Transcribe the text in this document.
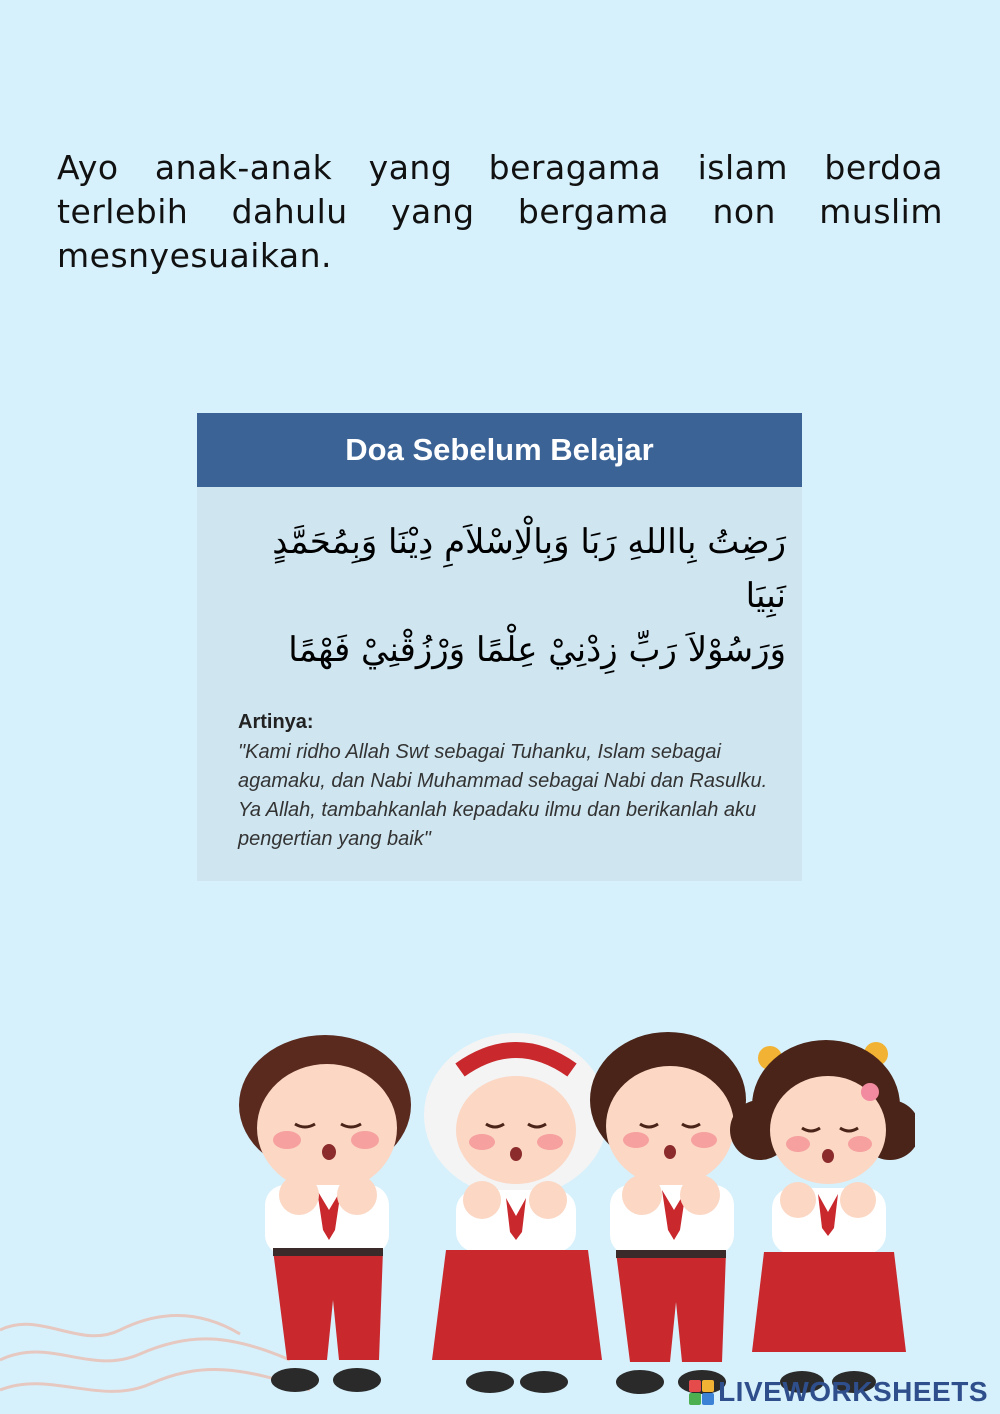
Ayo anak-anak yang beragama islam berdoa terlebih dahulu yang bergama non muslim mesnyesuaikan.
Doa Sebelum Belajar

رَضِتُ بِااللهِ رَبَا وَبِالْاِسْلاَمِ دِيْنَا وَبِمُحَمَّدٍ نَبِيَا
وَرَسُوْلاَ رَبِّ زِدْنِيْ عِلْمًا وَرْزُقْنِيْ فَهْمًا

Artinya:
"Kami ridho Allah Swt sebagai Tuhanku, Islam sebagai agamaku, dan Nabi Muhammad sebagai Nabi dan Rasulku. Ya Allah, tambahkanlah kepadaku ilmu dan berikanlah aku pengertian yang baik"
LIVEWORKSHEETS
